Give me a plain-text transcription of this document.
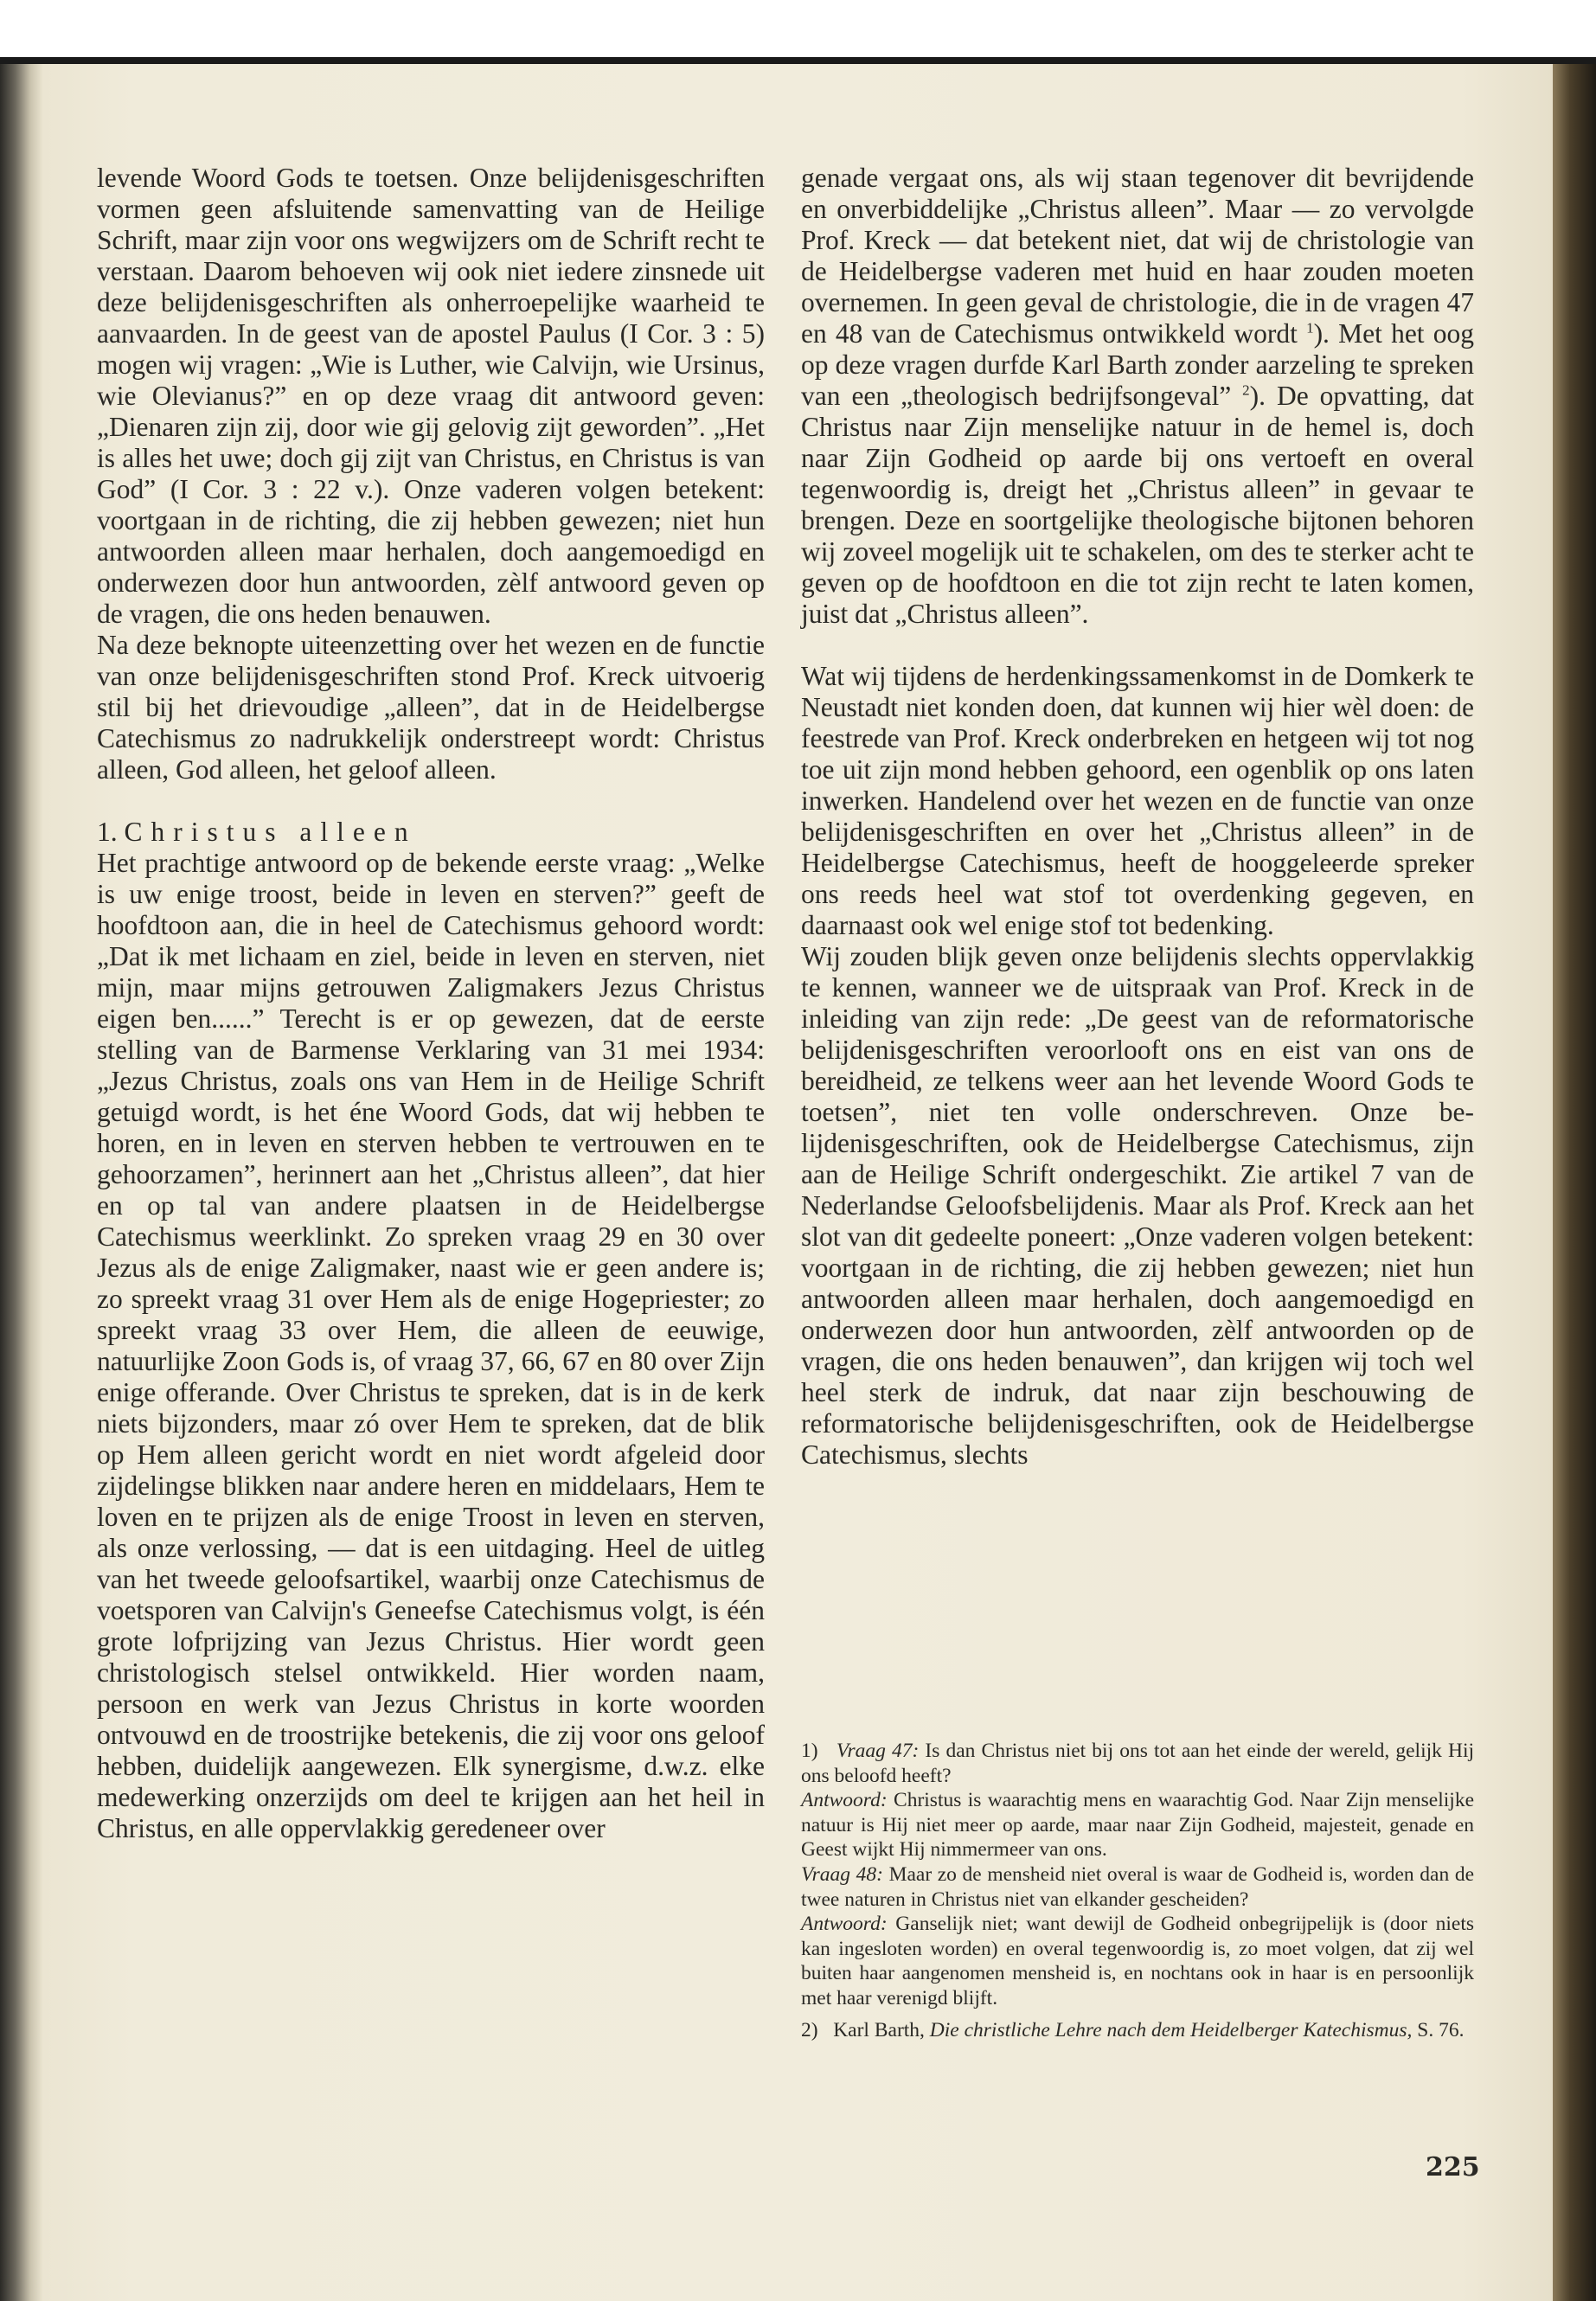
levende Woord Gods te toetsen. Onze belijdenisgeschriften vormen geen afsluitende samenvatting van de Heilige Schrift, maar zijn voor ons wegwijzers om de Schrift recht te verstaan. Daarom behoeven wij ook niet iedere zinsnede uit deze belijdenisgeschriften als onherroepelijke waarheid te aanvaarden. In de geest van de apostel Paulus (I Cor. 3 : 5) mogen wij vragen: „Wie is Luther, wie Calvijn, wie Ursinus, wie Olevianus?” en op deze vraag dit antwoord geven: „Dienaren zijn zij, door wie gij gelovig zijt geworden”. „Het is alles het uwe; doch gij zijt van Christus, en Christus is van God” (I Cor. 3 : 22 v.). Onze vaderen volgen betekent: voortgaan in de richting, die zij hebben gewezen; niet hun antwoorden alleen maar herhalen, doch aangemoedigd en onderwezen door hun antwoorden, zèlf antwoord geven op de vragen, die ons heden benauwen.

Na deze beknopte uiteenzetting over het wezen en de functie van onze belijdenisgeschriften stond Prof. Kreck uitvoerig stil bij het drievoudige „alleen”, dat in de Heidelbergse Catechismus zo nadrukkelijk onderstreept wordt: Christus alleen, God alleen, het geloof alleen.

1. Christus alleen

Het prachtige antwoord op de bekende eerste vraag: „Welke is uw enige troost, beide in leven en sterven?” geeft de hoofdtoon aan, die in heel de Catechismus gehoord wordt: „Dat ik met lichaam en ziel, beide in leven en sterven, niet mijn, maar mijns getrouwen Zaligmakers Jezus Christus eigen ben......” Terecht is er op gewezen, dat de eerste stelling van de Barmense Verklaring van 31 mei 1934: „Jezus Christus, zoals ons van Hem in de Heilige Schrift getuigd wordt, is het éne Woord Gods, dat wij hebben te horen, en in leven en sterven hebben te vertrouwen en te gehoorzamen”, herinnert aan het „Christus alleen”, dat hier en op tal van andere plaatsen in de Heidelbergse Catechismus weerklinkt. Zo spreken vraag 29 en 30 over Jezus als de enige Zaligmaker, naast wie er geen andere is; zo spreekt vraag 31 over Hem als de enige Hogepriester; zo spreekt vraag 33 over Hem, die alleen de eeuwige, natuurlijke Zoon Gods is, of vraag 37, 66, 67 en 80 over Zijn enige offerande. Over Christus te spreken, dat is in de kerk niets bijzonders, maar zó over Hem te spreken, dat de blik op Hem alleen gericht wordt en niet wordt afgeleid door zijdelingse blikken naar andere heren en middelaars, Hem te loven en te prijzen als de enige Troost in leven en sterven, als onze verlossing, — dat is een uitdaging. Heel de uitleg van het tweede geloofsartikel, waarbij onze Catechismus de voetsporen van Calvijn's Geneefse Catechismus volgt, is één grote lofprijzing van Jezus Christus. Hier wordt geen christologisch stelsel ontwikkeld. Hier worden naam, persoon en werk van Jezus Christus in korte woorden ontvouwd en de troostrijke betekenis, die zij voor ons geloof hebben, duidelijk aangewezen. Elk synergisme, d.w.z. elke medewerking onzerzijds om deel te krijgen aan het heil in Christus, en alle oppervlakkig geredeneer over

genade vergaat ons, als wij staan tegenover dit bevrijdende en onverbiddelijke „Christus alleen”. Maar — zo vervolgde Prof. Kreck — dat betekent niet, dat wij de christologie van de Heidelbergse vaderen met huid en haar zouden moeten overnemen. In geen geval de christologie, die in de vragen 47 en 48 van de Catechismus ontwikkeld wordt $^1$). Met het oog op deze vragen durfde Karl Barth zonder aarzeling te spreken van een „theologisch bedrijfsongeval” $^2$). De opvatting, dat Christus naar Zijn menselijke natuur in de hemel is, doch naar Zijn Godheid op aarde bij ons vertoeft en overal tegenwoordig is, dreigt het „Christus alleen” in gevaar te brengen. Deze en soortgelijke theologische bijtonen behoren wij zoveel mogelijk uit te schakelen, om des te sterker acht te geven op de hoofdtoon en die tot zijn recht te laten komen, juist dat „Christus alleen”.

Wat wij tijdens de herdenkingssamenkomst in de Domkerk te Neustadt niet konden doen, dat kunnen wij hier wèl doen: de feestrede van Prof. Kreck onderbreken en hetgeen wij tot nog toe uit zijn mond hebben gehoord, een ogenblik op ons laten inwerken. Handelend over het wezen en de functie van onze belijdenisgeschriften en over het „Christus alleen” in de Heidelbergse Catechismus, heeft de hooggeleerde spreker ons reeds heel wat stof tot overdenking gegeven, en daarnaast ook wel enige stof tot bedenking.

Wij zouden blijk geven onze belijdenis slechts oppervlakkig te kennen, wanneer we de uitspraak van Prof. Kreck in de inleiding van zijn rede: „De geest van de reformatorische belijdenisgeschriften veroorlooft ons en eist van ons de bereidheid, ze telkens weer aan het levende Woord Gods te toetsen”, niet ten volle onderschreven. Onze belijdenisgeschriften, ook de Heidelbergse Catechismus, zijn aan de Heilige Schrift ondergeschikt. Zie artikel 7 van de Nederlandse Geloofsbelijdenis. Maar als Prof. Kreck aan het slot van dit gedeelte poneert: „Onze vaderen volgen betekent: voortgaan in de richting, die zij hebben gewezen; niet hun antwoorden alleen maar herhalen, doch aangemoedigd en onderwezen door hun antwoorden, zèlf antwoorden op de vragen, die ons heden benauwen”, dan krijgen wij toch wel heel sterk de indruk, dat naar zijn beschouwing de reformatorische belijdenisgeschriften, ook de Heidelbergse Catechismus, slechts

1) Vraag 47: Is dan Christus niet bij ons tot aan het einde der wereld, gelijk Hij ons beloofd heeft?

Antwoord: Christus is waarachtig mens en waarachtig God. Naar Zijn menselijke natuur is Hij niet meer op aarde, maar naar Zijn Godheid, majesteit, genade en Geest wijkt Hij nimmermeer van ons.

Vraag 48: Maar zo de mensheid niet overal is waar de Godheid is, worden dan de twee naturen in Christus niet van elkander gescheiden?

Antwoord: Ganselijk niet; want dewijl de Godheid onbegrijpelijk is (door niets kan ingesloten worden) en overal tegenwoordig is, zo moet volgen, dat zij wel buiten haar aangenomen mensheid is, en nochtans ook in haar is en persoonlijk met haar verenigd blijft.

2) Karl Barth, Die christliche Lehre nach dem Heidelberger Katechismus, S. 76.

225
